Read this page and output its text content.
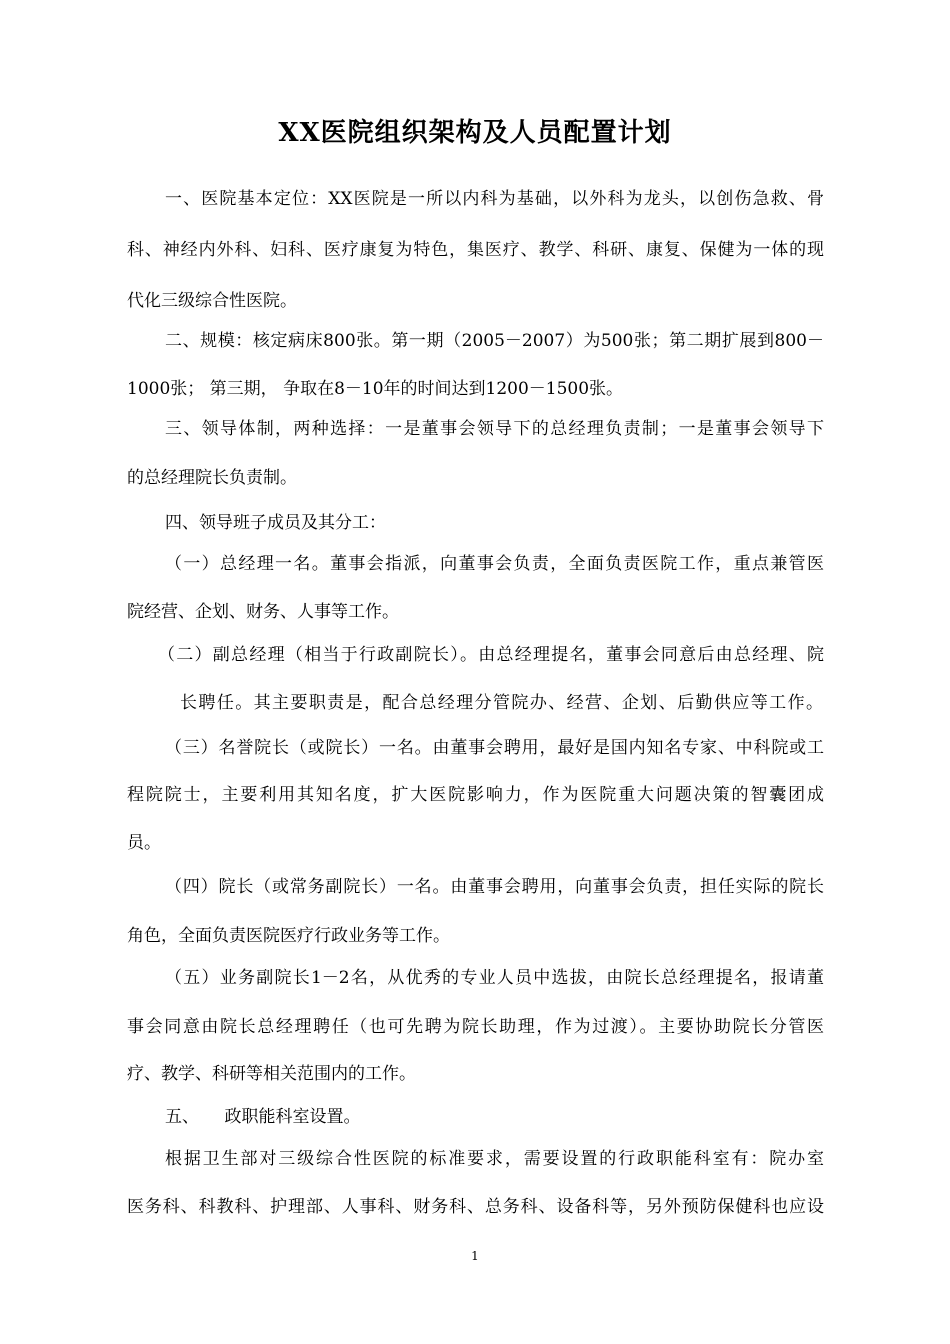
XX医院组织架构及人员配置计划
一、医院基本定位：XX医院是一所以内科为基础，以外科为龙头，以创伤急救、骨
科、神经内外科、妇科、医疗康复为特色，集医疗、教学、科研、康复、保健为一体的现
代化三级综合性医院。
二、规模：核定病床800张。第一期（2005－2007）为500张；第二期扩展到800－
1000张； 第三期， 争取在8－10年的时间达到1200－1500张。
三、领导体制，两种选择：一是董事会领导下的总经理负责制；一是董事会领导下
的总经理院长负责制。
四、领导班子成员及其分工：
（一）总经理一名。董事会指派，向董事会负责，全面负责医院工作，重点兼管医
院经营、企划、财务、人事等工作。
（二）副总经理（相当于行政副院长）。由总经理提名，董事会同意后由总经理、院
长聘任。其主要职责是，配合总经理分管院办、经营、企划、后勤供应等工作。
（三）名誉院长（或院长）一名。由董事会聘用，最好是国内知名专家、中科院或工
程院院士，主要利用其知名度，扩大医院影响力，作为医院重大问题决策的智囊团成
员。
（四）院长（或常务副院长）一名。由董事会聘用，向董事会负责，担任实际的院长
角色，全面负责医院医疗行政业务等工作。
（五）业务副院长1－2名，从优秀的专业人员中选拔，由院长总经理提名，报请董
事会同意由院长总经理聘任（也可先聘为院长助理，作为过渡）。主要协助院长分管医
疗、教学、科研等相关范围内的工作。
五、　　政职能科室设置。
根据卫生部对三级综合性医院的标准要求，需要设置的行政职能科室有：院办室
医务科、科教科、护理部、人事科、财务科、总务科、设备科等，另外预防保健科也应设
1
